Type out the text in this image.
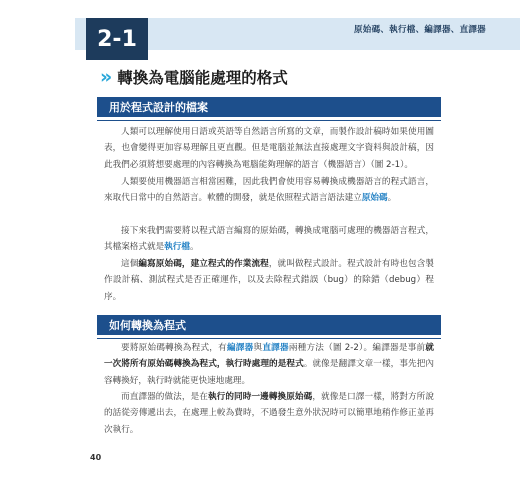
2-1	原始碼、執行檔、編譯器、直譯器
» 轉換為電腦能處理的格式
用於程式設計的檔案
人類可以理解使用日語或英語等自然語言所寫的文章，而製作設計稿時如果使用圖表，也會變得更加容易理解且更直觀。但是電腦並無法直接處理文字資料與設計稿，因此我們必須將想要處理的內容轉換為電腦能夠理解的語言（機器語言）（圖 2-1）。
人類要使用機器語言相當困難，因此我們會使用容易轉換成機器語言的程式語言，來取代日常中的自然語言。軟體的開發，就是依照程式語言語法建立原始碼。
接下來我們需要將以程式語言編寫的原始碼，轉換成電腦可處理的機器語言程式，其檔案格式就是執行檔。
這個編寫原始碼，建立程式的作業流程，就叫做程式設計。程式設計有時也包含製作設計稿、測試程式是否正確運作，以及去除程式錯誤（bug）的除錯（debug）程序。
如何轉換為程式
要將原始碼轉換為程式，有編譯器與直譯器兩種方法（圖 2-2）。編譯器是事前就一次將所有原始碼轉換為程式，執行時處理的是程式。就像是翻譯文章一樣，事先把內容轉換好，執行時就能更快速地處理。
而直譯器的做法，是在執行的同時一邊轉換原始碼，就像是口譯一樣，將對方所說的話從旁傳遞出去，在處理上較為費時，不過發生意外狀況時可以簡單地稍作修正並再次執行。
40
